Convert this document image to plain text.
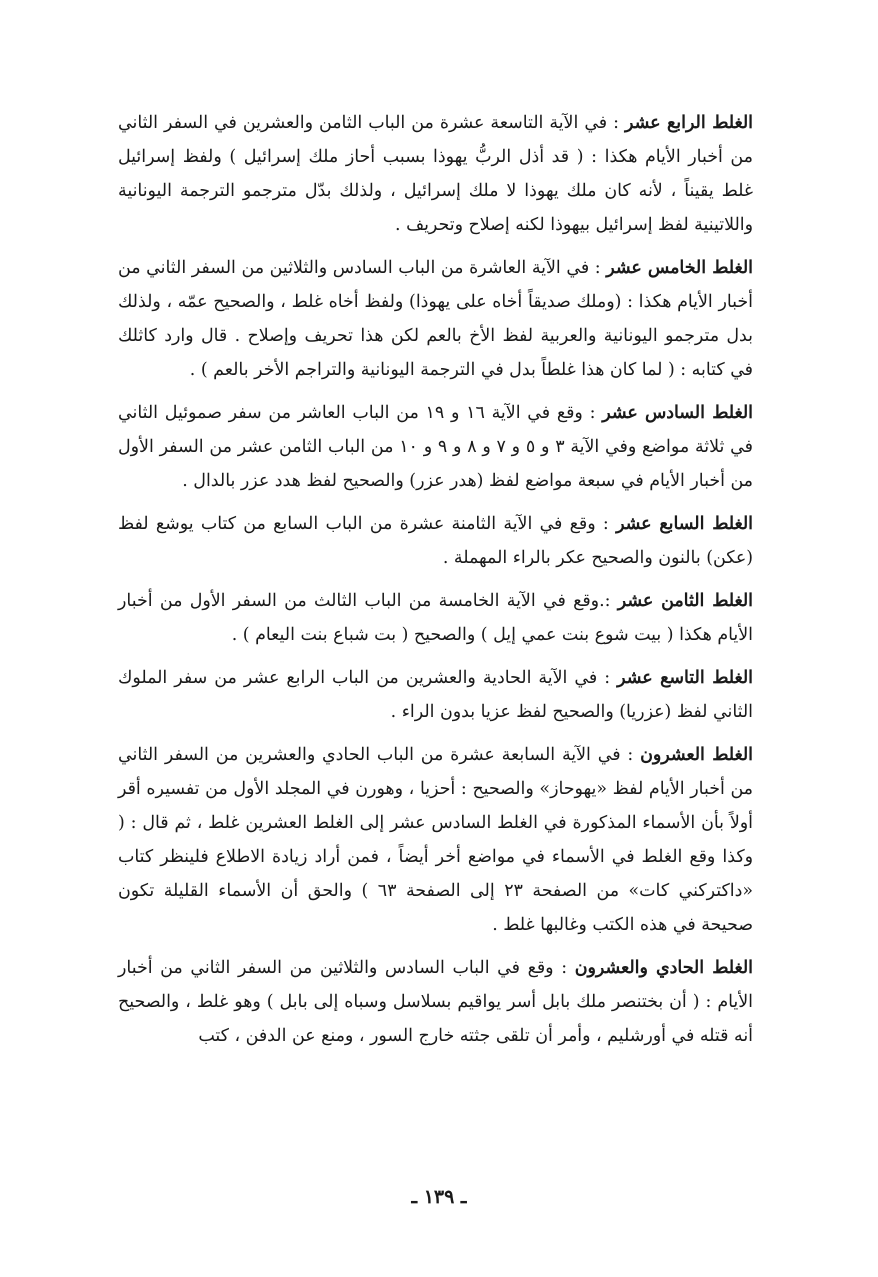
الغلط الرابع عشر : في الآية التاسعة عشرة من الباب الثامن والعشرين في السفر الثاني من أخبار الأيام هكذا : ( قد أذل الربُّ يهوذا بسبب أحاز ملك إسرائيل ) ولفظ إسرائيل غلط يقيناً ، لأنه كان ملك يهوذا لا ملك إسرائيل ، ولذلك بدّل مترجمو الترجمة اليونانية واللاتينية لفظ إسرائيل بيهوذا لكنه إصلاح وتحريف .

الغلط الخامس عشر : في الآية العاشرة من الباب السادس والثلاثين من السفر الثاني من أخبار الأيام هكذا : (وملك صديقاً أخاه على يهوذا) ولفظ أخاه غلط ، والصحيح عمّه ، ولذلك بدل مترجمو اليونانية والعربية لفظ الأخ بالعم لكن هذا تحريف وإصلاح . قال وارد كاثلك في كتابه : ( لما كان هذا غلطاً بدل في الترجمة اليونانية والتراجم الأخر بالعم ) .

الغلط السادس عشر : وقع في الآية ١٦ و ١٩ من الباب العاشر من سفر صموئيل الثاني في ثلاثة مواضع وفي الآية ٣ و ٥ و ٧ و ٨ و ٩ و ١٠ من الباب الثامن عشر من السفر الأول من أخبار الأيام في سبعة مواضع لفظ (هدر عزر) والصحيح لفظ هدد عزر بالدال .

الغلط السابع عشر : وقع في الآية الثامنة عشرة من الباب السابع من كتاب يوشع لفظ (عكن) بالنون والصحيح عكر بالراء المهملة .

الغلط الثامن عشر :.وقع في الآية الخامسة من الباب الثالث من السفر الأول من أخبار الأيام هكذا ( بيت شوع بنت عمي إيل ) والصحيح ( بت شباع بنت اليعام ) .

الغلط التاسع عشر : في الآية الحادية والعشرين من الباب الرابع عشر من سفر الملوك الثاني لفظ (عزريا) والصحيح لفظ عزيا بدون الراء .

الغلط العشرون : في الآية السابعة عشرة من الباب الحادي والعشرين من السفر الثاني من أخبار الأيام لفظ «يهوحاز» والصحيح : أحزيا ، وهورن في المجلد الأول من تفسيره أقر أولاً بأن الأسماء المذكورة في الغلط السادس عشر إلى الغلط العشرين غلط ، ثم قال : ( وكذا وقع الغلط في الأسماء في مواضع أخر أيضاً ، فمن أراد زيادة الاطلاع فلينظر كتاب «داكتركني كات» من الصفحة ٢٣ إلى الصفحة ٦٣ ) والحق أن الأسماء القليلة تكون صحيحة في هذه الكتب وغالبها غلط .

الغلط الحادي والعشرون : وقع في الباب السادس والثلاثين من السفر الثاني من أخبار الأيام : ( أن بختنصر ملك بابل أسر يواقيم بسلاسل وسباه إلى بابل ) وهو غلط ، والصحيح أنه قتله في أورشليم ، وأمر أن تلقى جثته خارج السور ، ومنع عن الدفن ، كتب

ـ ١٣٩ ـ
